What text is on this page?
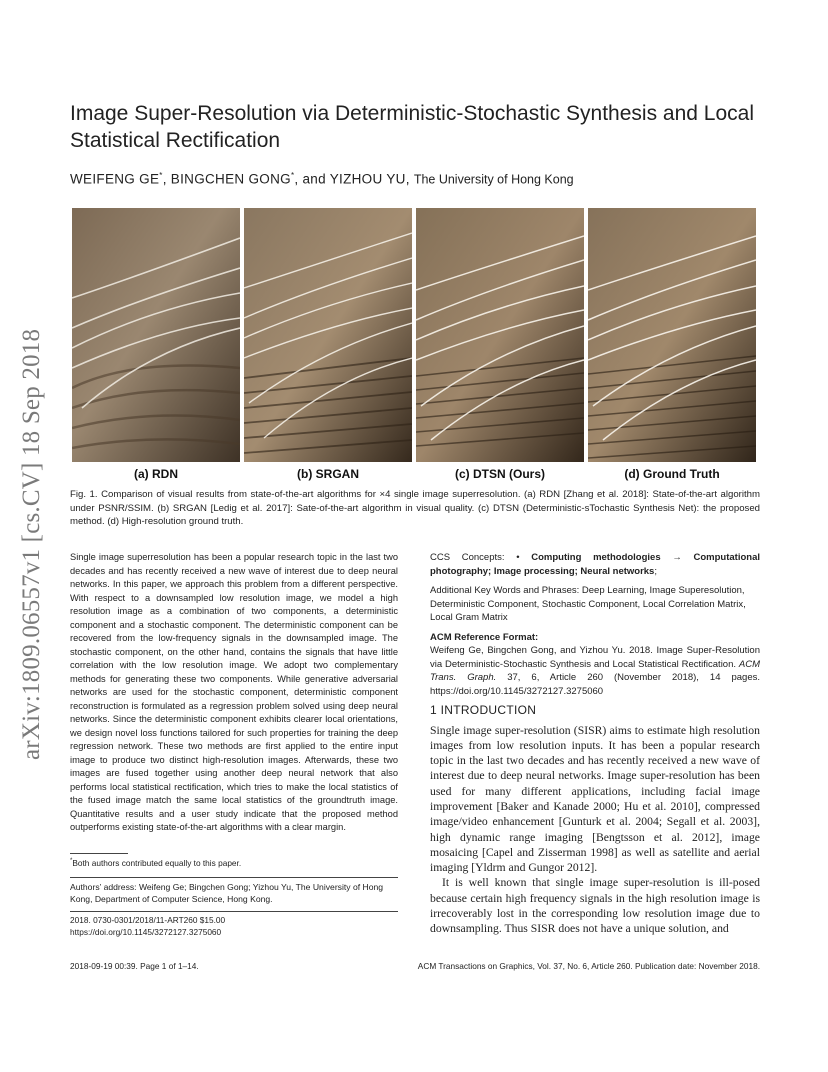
arXiv:1809.06557v1 [cs.CV] 18 Sep 2018
Image Super-Resolution via Deterministic-Stochastic Synthesis and Local Statistical Rectification
WEIFENG GE*, BINGCHEN GONG*, and YIZHOU YU, The University of Hong Kong
(a) RDN	(b) SRGAN	(c) DTSN (Ours)	(d) Ground Truth
Fig. 1. Comparison of visual results from state-of-the-art algorithms for ×4 single image superresolution. (a) RDN [Zhang et al. 2018]: State-of-the-art algorithm under PSNR/SSIM. (b) SRGAN [Ledig et al. 2017]: Sate-of-the-art algorithm in visual quality. (c) DTSN (Deterministic-sTochastic Synthesis Net): the proposed method. (d) High-resolution ground truth.
Single image superresolution has been a popular research topic in the last two decades and has recently received a new wave of interest due to deep neural networks. In this paper, we approach this problem from a different perspective. With respect to a downsampled low resolution image, we model a high resolution image as a combination of two components, a deterministic component and a stochastic component. The deterministic component can be recovered from the low-frequency signals in the downsampled image. The stochastic component, on the other hand, contains the signals that have little correlation with the low resolution image. We adopt two complementary methods for generating these two components. While generative adversarial networks are used for the stochastic component, deterministic component reconstruction is formulated as a regression problem solved using deep neural networks. Since the deterministic component exhibits clearer local orientations, we design novel loss functions tailored for such properties for training the deep regression network. These two methods are first applied to the entire input image to produce two distinct high-resolution images. Afterwards, these two images are fused together using another deep neural network that also performs local statistical rectification, which tries to make the local statistics of the fused image match the same local statistics of the groundtruth image. Quantitative results and a user study indicate that the proposed method outperforms existing state-of-the-art algorithms with a clear margin.
*Both authors contributed equally to this paper.
Authors’ address: Weifeng Ge; Bingchen Gong; Yizhou Yu, The University of Hong Kong, Department of Computer Science, Hong Kong.
2018. 0730-0301/2018/11-ART260 $15.00
https://doi.org/10.1145/3272127.3275060
CCS Concepts: • Computing methodologies → Computational photography; Image processing; Neural networks;
Additional Key Words and Phrases: Deep Learning, Image Superesolution, Deterministic Component, Stochastic Component, Local Correlation Matrix, Local Gram Matrix
ACM Reference Format:
Weifeng Ge, Bingchen Gong, and Yizhou Yu. 2018. Image Super-Resolution via Deterministic-Stochastic Synthesis and Local Statistical Rectification. ACM Trans. Graph. 37, 6, Article 260 (November 2018), 14 pages. https://doi.org/10.1145/3272127.3275060
1 INTRODUCTION

Single image super-resolution (SISR) aims to estimate high resolution images from low resolution inputs. It has been a popular research topic in the last two decades and has recently received a new wave of interest due to deep neural networks. Image super-resolution has been used for many different applications, including facial image improvement [Baker and Kanade 2000; Hu et al. 2010], compressed image/video enhancement [Gunturk et al. 2004; Segall et al. 2003], high dynamic range imaging [Bengtsson et al. 2012], image mosaicing [Capel and Zisserman 1998] as well as satellite and aerial imaging [Yldrm and Gungor 2012].

It is well known that single image super-resolution is ill-posed because certain high frequency signals in the high resolution image is irrecoverably lost in the corresponding low resolution image due to downsampling. Thus SISR does not have a unique solution, and

2018-09-19 00:39. Page 1 of 1–14.	ACM Transactions on Graphics, Vol. 37, No. 6, Article 260. Publication date: November 2018.
